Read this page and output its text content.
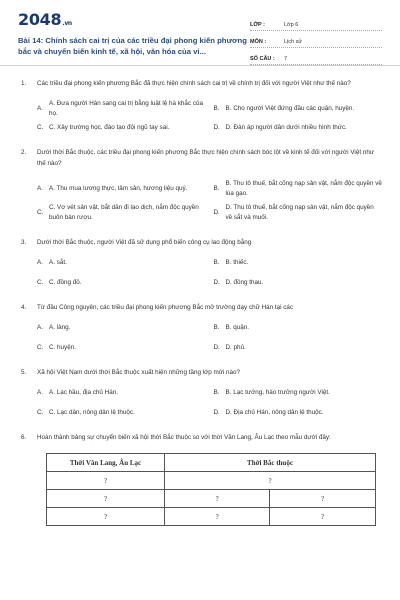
2048.vn
Bài 14: Chính sách cai trị của các triều đại phong kiến phương bắc và chuyển biến kinh tế, xã hội, văn hóa của vi...
LỚP :	Lớp 6
MÔN :	Lịch sử
SỐ CÂU :	7
1.	Các triều đại phong kiến phương Bắc đã thực hiện chính sách cai trị về chính trị đối với người Việt như thế nào?
A.
A. Đưa người Hán sang cai trị bằng luật lệ hà khắc của họ.
B. B. Cho người Việt đứng đầu các quận, huyện.
C. C. Xây trường học, đào tạo đội ngũ tay sai.	D. D. Đàn áp người dân dưới nhiều hình thức.
2.	Dưới thời Bắc thuộc, các triều đại phong kiến phương Bắc thực hiện chính sách bóc lột về kinh tế đối với người Việt như thế nào?
A. A. Thu mua lương thực, lâm sản, hương liệu quý.	B.
B. Thu tô thuế, bắt cống nạp sản vật, nắm độc quyền về lúa gạo.
C.
C. Vơ vét sản vật, bắt dân đi lao dịch, nắm độc quyền buôn bán rượu.
D.
D. Thu tô thuế, bắt cống nạp sản vật, nắm độc quyền về sắt và muối.
3.	Dưới thời Bắc thuộc, người Việt đã sử dụng phổ biến công cụ lao động bằng
A. A. sắt.	B. B. thiếc.
C. C. đồng đỏ.	D. D. đồng thau.
4.	Từ đầu Công nguyên, các triều đại phong kiến phương Bắc mở trường dạy chữ Hán tại các
A. A. làng.	B. B. quận.
C. C. huyện.	D. D. phủ.
5.	Xã hội Việt Nam dưới thời Bắc thuộc xuất hiện những tầng lớp mới nào?
A. A. Lạc hầu, địa chủ Hán.	B. B. Lạc tướng, hào trưởng người Việt.
C. C. Lạc dân, nông dân lệ thuộc.	D. D. Địa chủ Hán, nông dân lệ thuộc.
6.	Hoàn thành bảng sự chuyển biến xã hội thời Bắc thuộc so với thời Văn Lang, Âu Lạc theo mẫu dưới đây:
Thời Văn Lang, Âu Lạc	Thời Bắc thuộc	
?	?	
?	?	?
?	?	?
